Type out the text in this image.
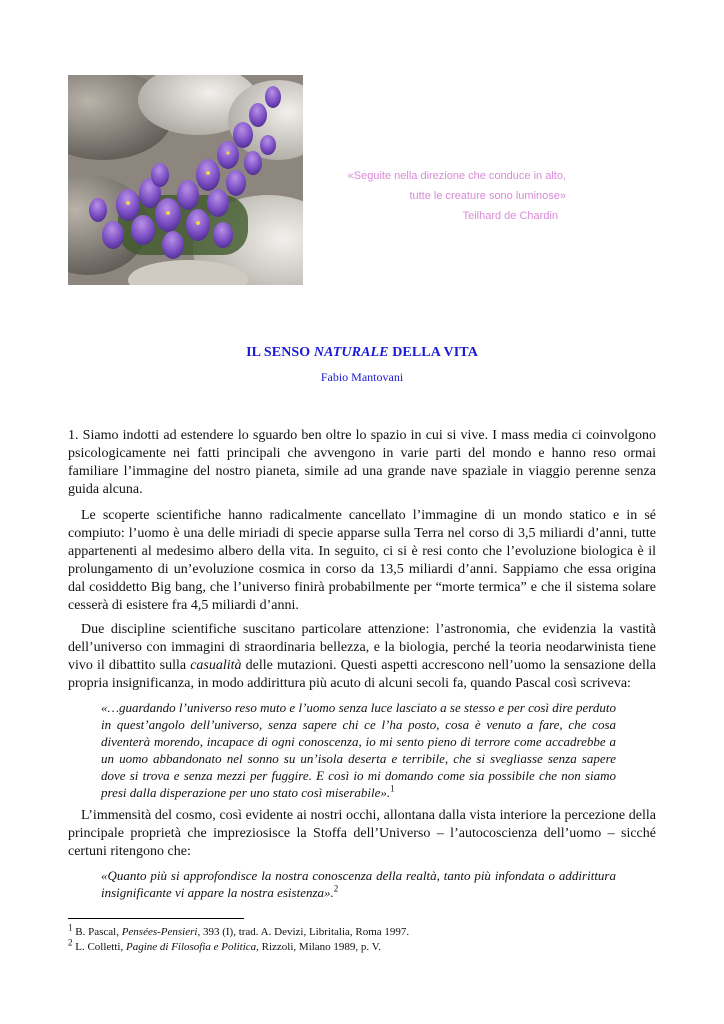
«Seguite nella direzione che conduce in alto,
tutte le creature sono luminose»
Teilhard de Chardin
IL SENSO NATURALE DELLA VITA
Fabio Mantovani

1. Siamo indotti ad estendere lo sguardo ben oltre lo spazio in cui si vive. I mass media ci coinvolgono psicologicamente nei fatti principali che avvengono in varie parti del mondo e hanno reso ormai familiare l’immagine del nostro pianeta, simile ad una grande nave spaziale in viaggio perenne senza guida alcuna.

Le scoperte scientifiche hanno radicalmente cancellato l’immagine di un mondo statico e in sé compiuto: l’uomo è una delle miriadi di specie apparse sulla Terra nel corso di 3,5 miliardi d’anni, tutte appartenenti al medesimo albero della vita. In seguito, ci si è resi conto che l’evoluzione biologica è il prolungamento di un’evoluzione cosmica in corso da 13,5 miliardi d’anni. Sappiamo che essa origina dal cosiddetto Big bang, che l’universo finirà probabilmente per “morte termica” e che il sistema solare cesserà di esistere fra 4,5 miliardi d’anni.

Due discipline scientifiche suscitano particolare attenzione: l’astronomia, che evidenzia la vastità dell’universo con immagini di straordinaria bellezza, e la biologia, perché la teoria neodarwinista tiene vivo il dibattito sulla casualità delle mutazioni. Questi aspetti accrescono nell’uomo la sensazione della propria insignificanza, in modo addirittura più acuto di alcuni secoli fa, quando Pascal così scriveva:

«…guardando l’universo reso muto e l’uomo senza luce lasciato a se stesso e per così dire perduto in quest’angolo dell’universo, senza sapere chi ce l’ha posto, cosa è venuto a fare, che cosa diventerà morendo, incapace di ogni conoscenza, io mi sento pieno di terrore come accadrebbe a un uomo abbandonato nel sonno su un’isola deserta e terribile, che si svegliasse senza sapere dove si trova e senza mezzi per fuggire. E così io mi domando come sia possibile che non siamo presi dalla disperazione per uno stato così miserabile».$^1$

L’immensità del cosmo, così evidente ai nostri occhi, allontana dalla vista interiore la percezione della principale proprietà che impreziosisce la Stoffa dell’Universo – l’autocoscienza dell’uomo – sicché certuni ritengono che:

«Quanto più si approfondisce la nostra conoscenza della realtà, tanto più infondata o addirittura insignificante vi appare la nostra esistenza».$^2$
$^1$ B. Pascal, Pensées-Pensieri, 393 (I), trad. A. Devizi, Libritalia, Roma 1997.
$^2$ L. Colletti, Pagine di Filosofia e Politica, Rizzoli, Milano 1989, p. V.
